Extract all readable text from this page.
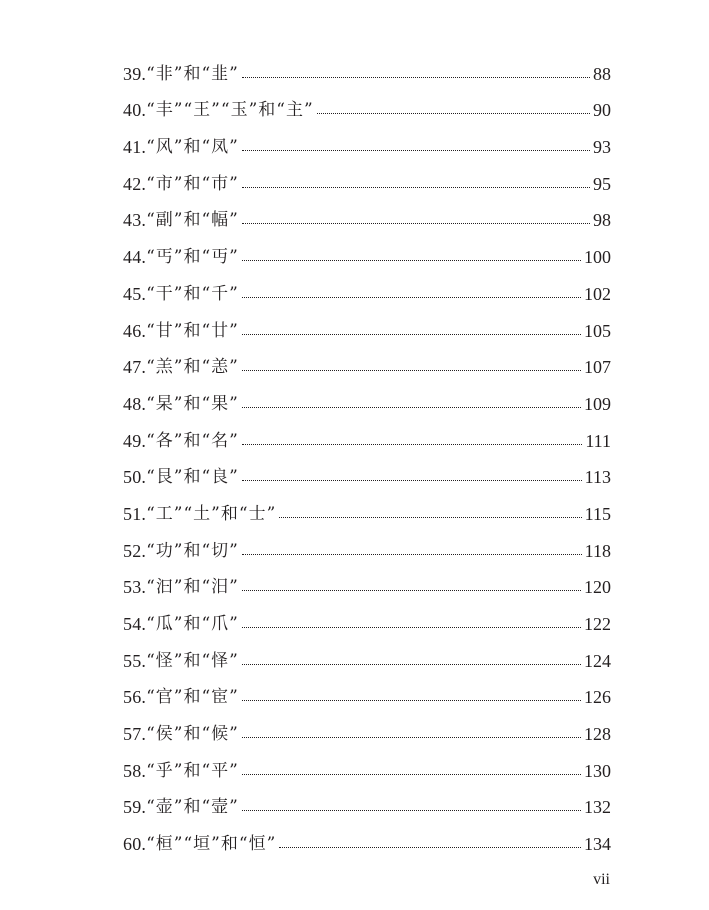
39. “非”和“韭”	88
40. “丰”“王”“玉”和“主”	90
41. “风”和“凤”	93
42. “市”和“巿”	95
43. “副”和“幅”	98
44. “丐”和“丏”	100
45. “干”和“千”	102
46. “甘”和“廿”	105
47. “羔”和“恙”	107
48. “杲”和“果”	109
49. “各”和“名”	111
50. “艮”和“良”	113
51. “工”“土”和“士”	115
52. “功”和“切”	118
53. “汩”和“汨”	120
54. “瓜”和“爪”	122
55. “怪”和“怿”	124
56. “官”和“宦”	126
57. “侯”和“候”	128
58. “乎”和“平”	130
59. “壶”和“壸”	132
60. “桓”“垣”和“恒”	134
vii
